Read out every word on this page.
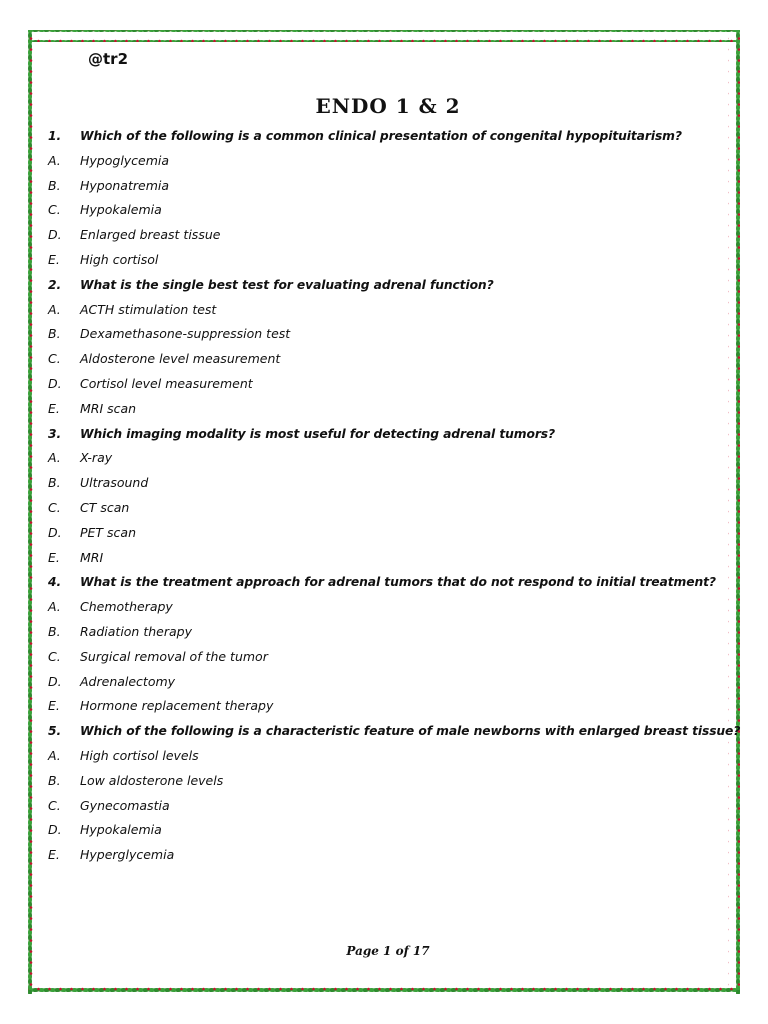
@tr2
ENDO 1 & 2
1.	Which of the following is a common clinical presentation of congenital hypopituitarism?
A.	Hypoglycemia
B.	Hyponatremia
C.	Hypokalemia
D.	Enlarged breast tissue
E.	High cortisol
2.	What is the single best test for evaluating adrenal function?
A.	ACTH stimulation test
B.	Dexamethasone-suppression test
C.	Aldosterone level measurement
D.	Cortisol level measurement
E.	MRI scan
3.	Which imaging modality is most useful for detecting adrenal tumors?
A.	X-ray
B.	Ultrasound
C.	CT scan
D.	PET scan
E.	MRI
4.	What is the treatment approach for adrenal tumors that do not respond to initial treatment?
A.	Chemotherapy
B.	Radiation therapy
C.	Surgical removal of the tumor
D.	Adrenalectomy
E.	Hormone replacement therapy
5.	Which of the following is a characteristic feature of male newborns with enlarged breast tissue?
A.	High cortisol levels
B.	Low aldosterone levels
C.	Gynecomastia
D.	Hypokalemia
E.	Hyperglycemia
Page 1 of 17
